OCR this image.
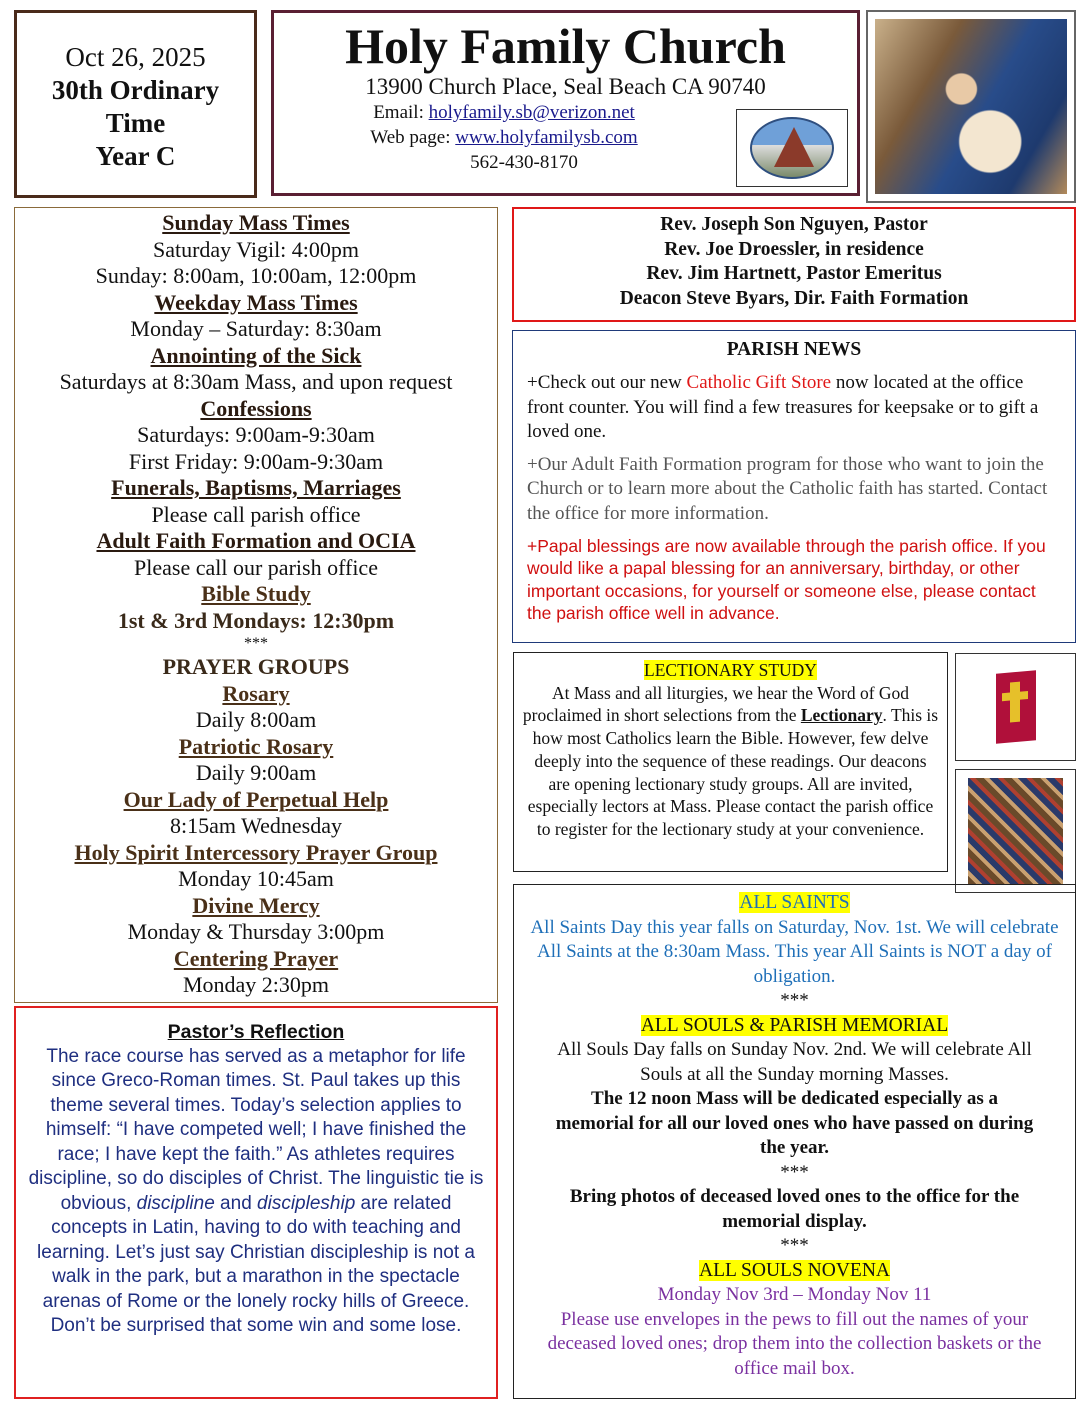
Oct 26, 2025
30th Ordinary
Time
Year C
Holy Family Church
13900 Church Place, Seal Beach CA 90740
Email: holyfamily.sb@verizon.net
Web page: www.holyfamilysb.com
562-430-8170
Sunday Mass Times
Saturday Vigil: 4:00pm
Sunday: 8:00am, 10:00am, 12:00pm
Weekday Mass Times
Monday – Saturday: 8:30am
Annointing of the Sick
Saturdays at 8:30am Mass, and upon request
Confessions
Saturdays: 9:00am-9:30am
First Friday: 9:00am-9:30am
Funerals, Baptisms, Marriages
Please call parish office
Adult Faith Formation and OCIA
Please call our parish office
Bible Study
1st & 3rd Mondays: 12:30pm
***
PRAYER GROUPS
Rosary
Daily 8:00am
Patriotic Rosary
Daily 9:00am
Our Lady of Perpetual Help
8:15am Wednesday
Holy Spirit Intercessory Prayer Group
Monday 10:45am
Divine Mercy
Monday & Thursday 3:00pm
Centering Prayer
Monday 2:30pm
Pastor’s Reflection
The race course has served as a metaphor for life since Greco-Roman times. St. Paul takes up this theme several times. Today’s selection applies to himself: “I have competed well; I have finished the race; I have kept the faith.” As athletes requires discipline, so do disciples of Christ. The linguistic tie is obvious, discipline and discipleship are related concepts in Latin, having to do with teaching and learning. Let’s just say Christian discipleship is not a walk in the park, but a marathon in the spectacle arenas of Rome or the lonely rocky hills of Greece. Don’t be surprised that some win and some lose.
Rev. Joseph Son Nguyen, Pastor
Rev. Joe Droessler, in residence
Rev. Jim Hartnett, Pastor Emeritus
Deacon Steve Byars, Dir. Faith Formation
PARISH NEWS

+Check out our new Catholic Gift Store now located at the office front counter. You will find a few treasures for keepsake or to gift a loved one.

+Our Adult Faith Formation program for those who want to join the Church or to learn more about the Catholic faith has started. Contact the office for more information.

+Papal blessings are now available through the parish office. If you would like a papal blessing for an anniversary, birthday, or other important occasions, for yourself or someone else, please contact the parish office well in advance.

LECTIONARY STUDY
At Mass and all liturgies, we hear the Word of God proclaimed in short selections from the Lectionary. This is how most Catholics learn the Bible. However, few delve deeply into the sequence of these readings. Our deacons are opening lectionary study groups. All are invited, especially lectors at Mass. Please contact the parish office to register for the lectionary study at your convenience.
ALL SAINTS
All Saints Day this year falls on Saturday, Nov. 1st. We will celebrate All Saints at the 8:30am Mass. This year All Saints is NOT a day of obligation.
***
ALL SOULS & PARISH MEMORIAL
All Souls Day falls on Sunday Nov. 2nd. We will celebrate All Souls at all the Sunday morning Masses.
The 12 noon Mass will be dedicated especially as a memorial for all our loved ones who have passed on during the year.
***
Bring photos of deceased loved ones to the office for the memorial display.
***
ALL SOULS NOVENA
Monday Nov 3rd – Monday Nov 11
Please use envelopes in the pews to fill out the names of your deceased loved ones; drop them into the collection baskets or the office mail box.
